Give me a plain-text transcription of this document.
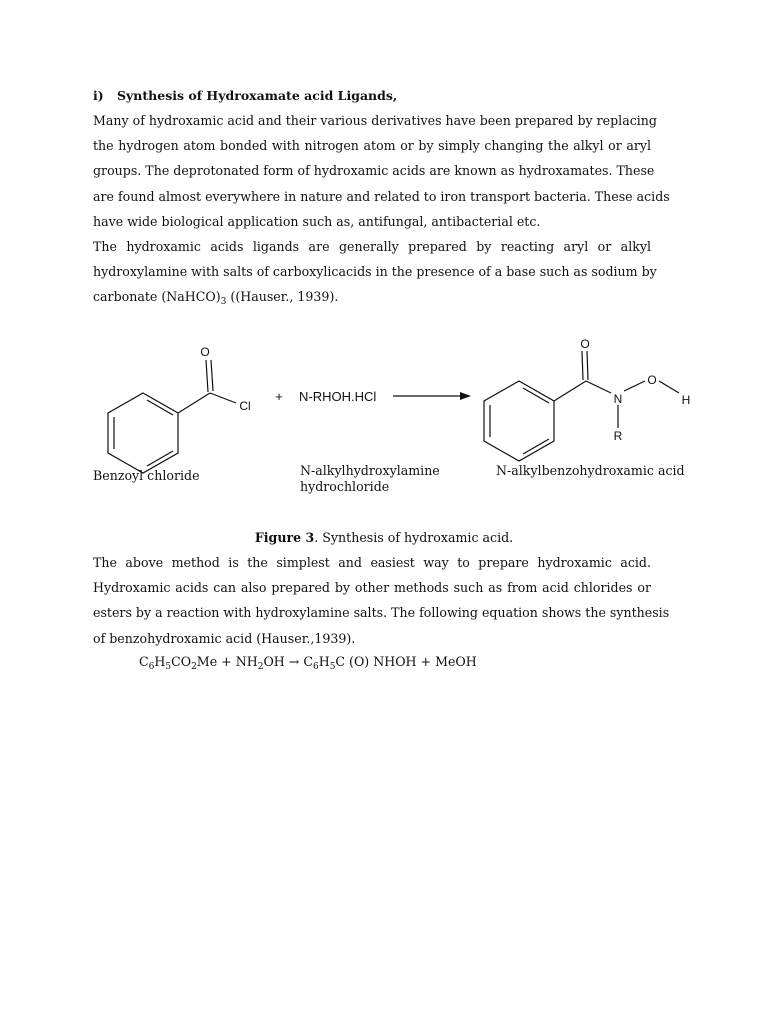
i) Synthesis of Hydroxamate acid Ligands,
Many of hydroxamic acid and their various derivatives have been prepared by replacing
the hydrogen atom bonded with nitrogen atom or by simply changing the alkyl or aryl
groups. The deprotonated form of hydroxamic acids are known as hydroxamates. These
are found almost everywhere in nature and related to iron transport bacteria. These acids
have wide biological application such as, antifungal, antibacterial etc.
The hydroxamic acids ligands are generally prepared by reacting aryl or alkyl
hydroxylamine with salts of carboxylicacids in the presence of a base such as sodium by
carbonate $(NaHCO)_3$ ((Hauser., 1939).
O
Cl
O
N
O
H
R
+ N-RHOH.HCl
Benzoyl chloride	N-alkylhydroxylamine
hydrochloride
N-alkylbenzohydroxamic acid
Figure 3. Synthesis of hydroxamic acid.
The above method is the simplest and easiest way to prepare hydroxamic acid.
Hydroxamic acids can also prepared by other methods such as from acid chlorides or
esters by a reaction with hydroxylamine salts. The following equation shows the synthesis
of benzohydroxamic acid (Hauser.,1939).
$C_6H_5CO_2Me + NH_2OH \to C_6H_5C$ (O) NHOH + MeOH
